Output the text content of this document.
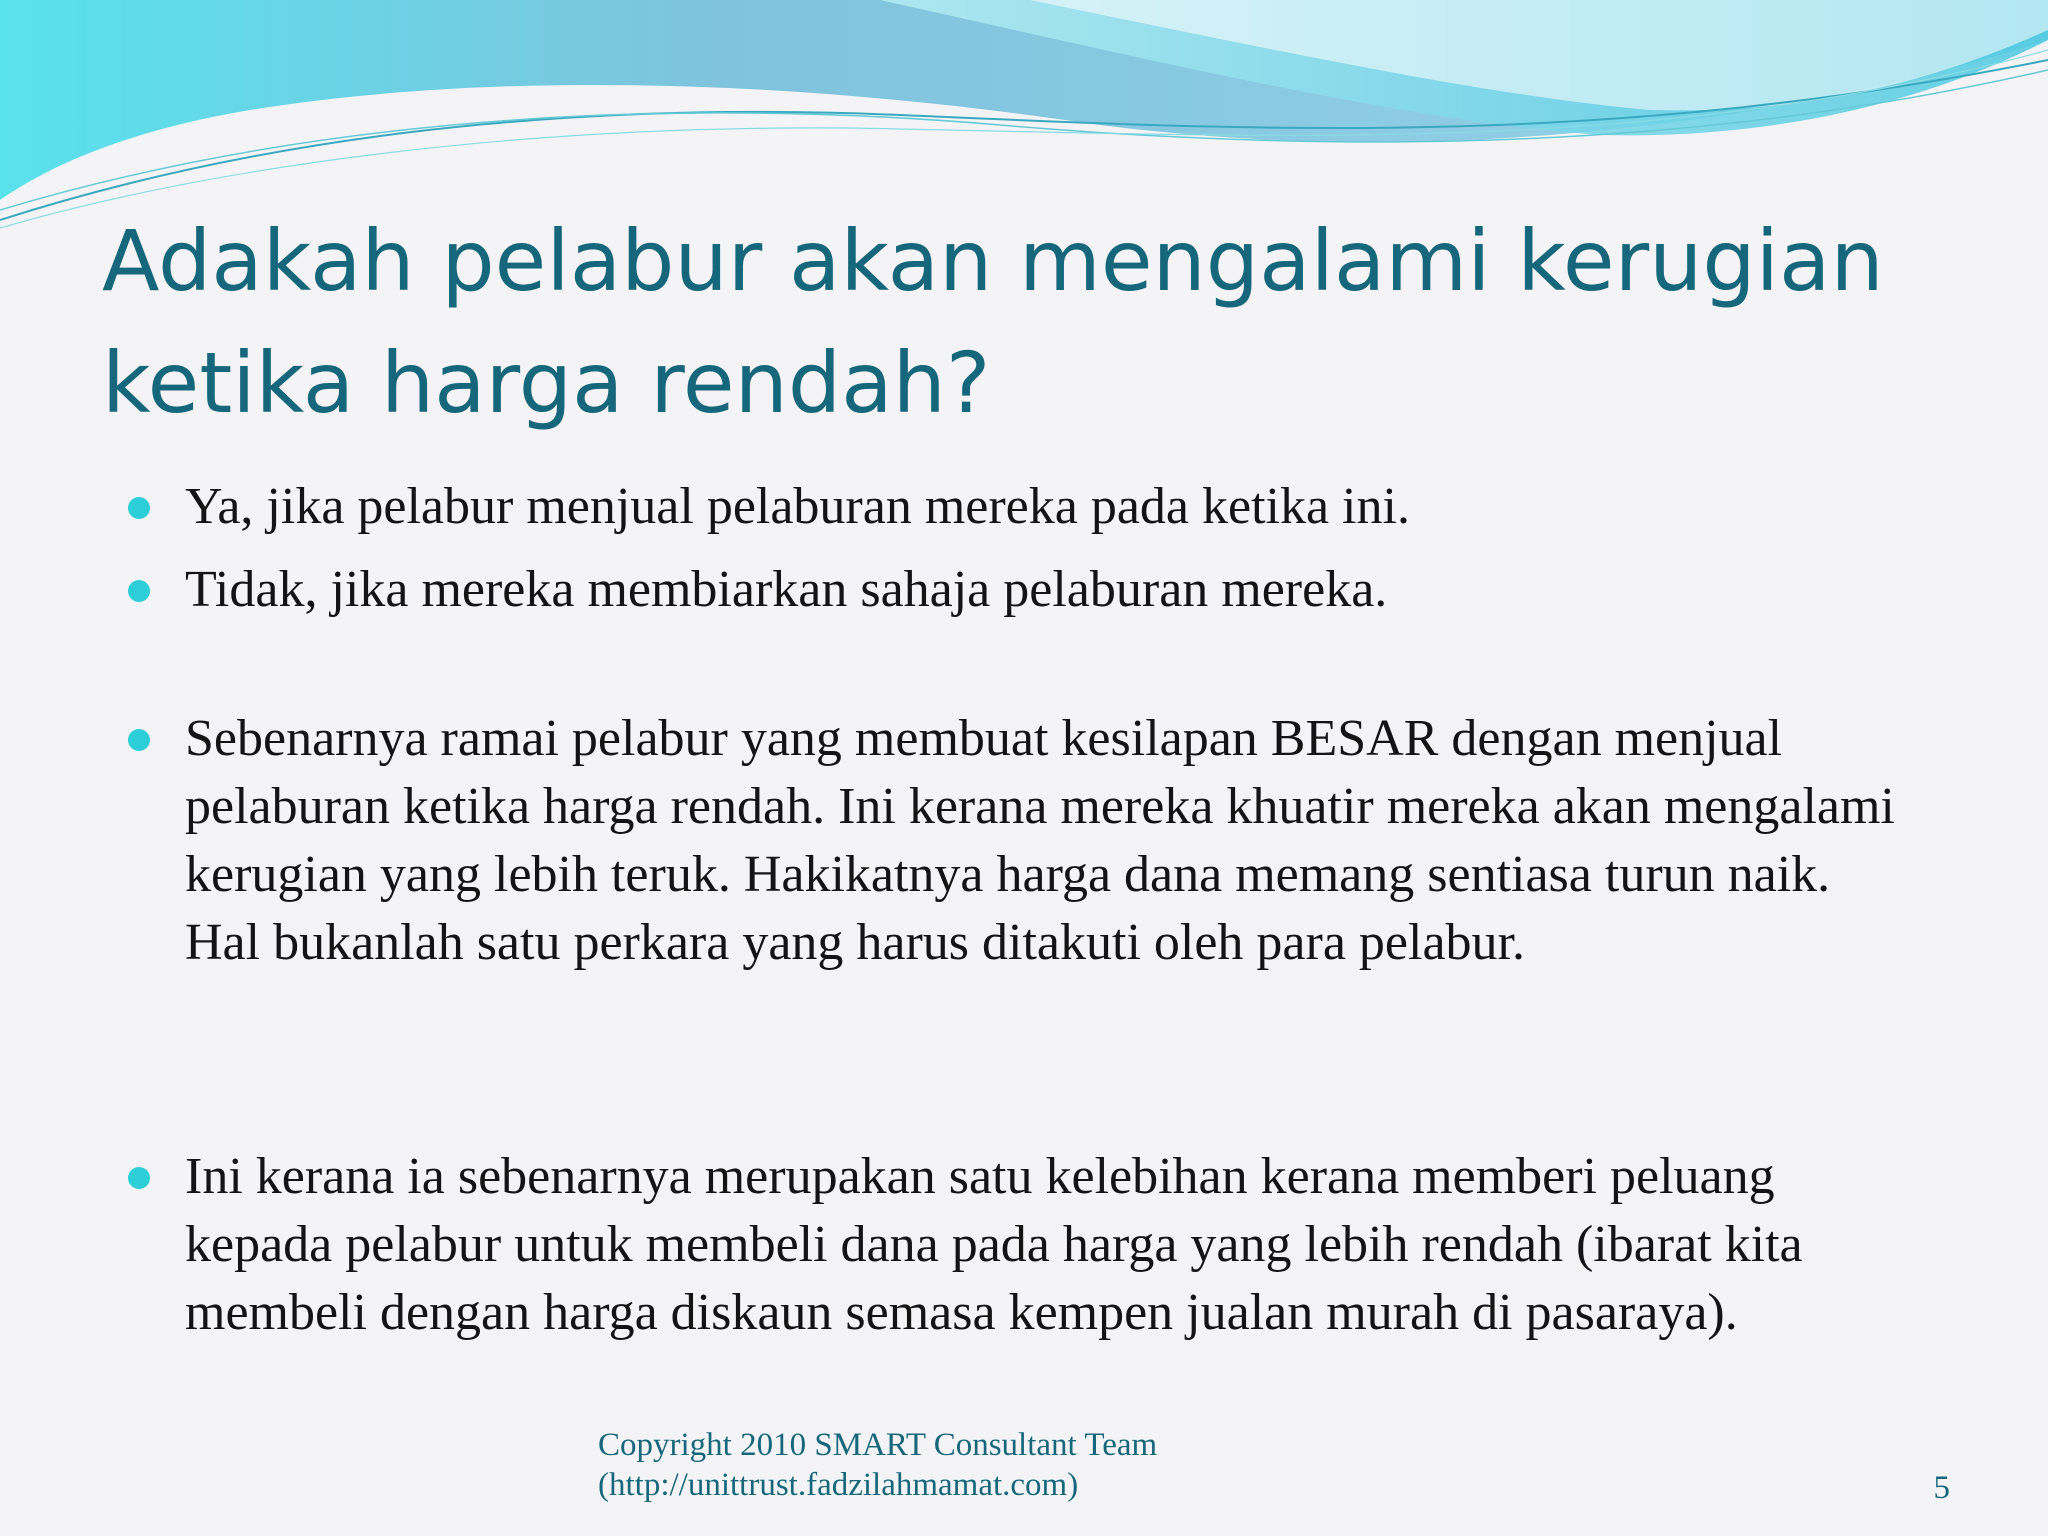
Adakah pelabur akan mengalami kerugian ketika harga rendah?
Ya, jika pelabur menjual pelaburan mereka pada ketika ini.
Tidak, jika mereka membiarkan sahaja pelaburan mereka.
Sebenarnya ramai pelabur yang membuat kesilapan BESAR dengan menjual pelaburan ketika harga rendah. Ini kerana mereka khuatir mereka akan mengalami kerugian yang lebih teruk. Hakikatnya harga dana memang sentiasa turun naik. Hal bukanlah satu perkara yang harus ditakuti oleh para pelabur.
Ini kerana ia sebenarnya merupakan satu kelebihan kerana memberi peluang kepada pelabur untuk membeli dana pada harga yang lebih rendah (ibarat kita membeli dengan harga diskaun semasa kempen jualan murah di pasaraya).
Copyright 2010 SMART Consultant Team
(http://unittrust.fadzilahmamat.com)	5
